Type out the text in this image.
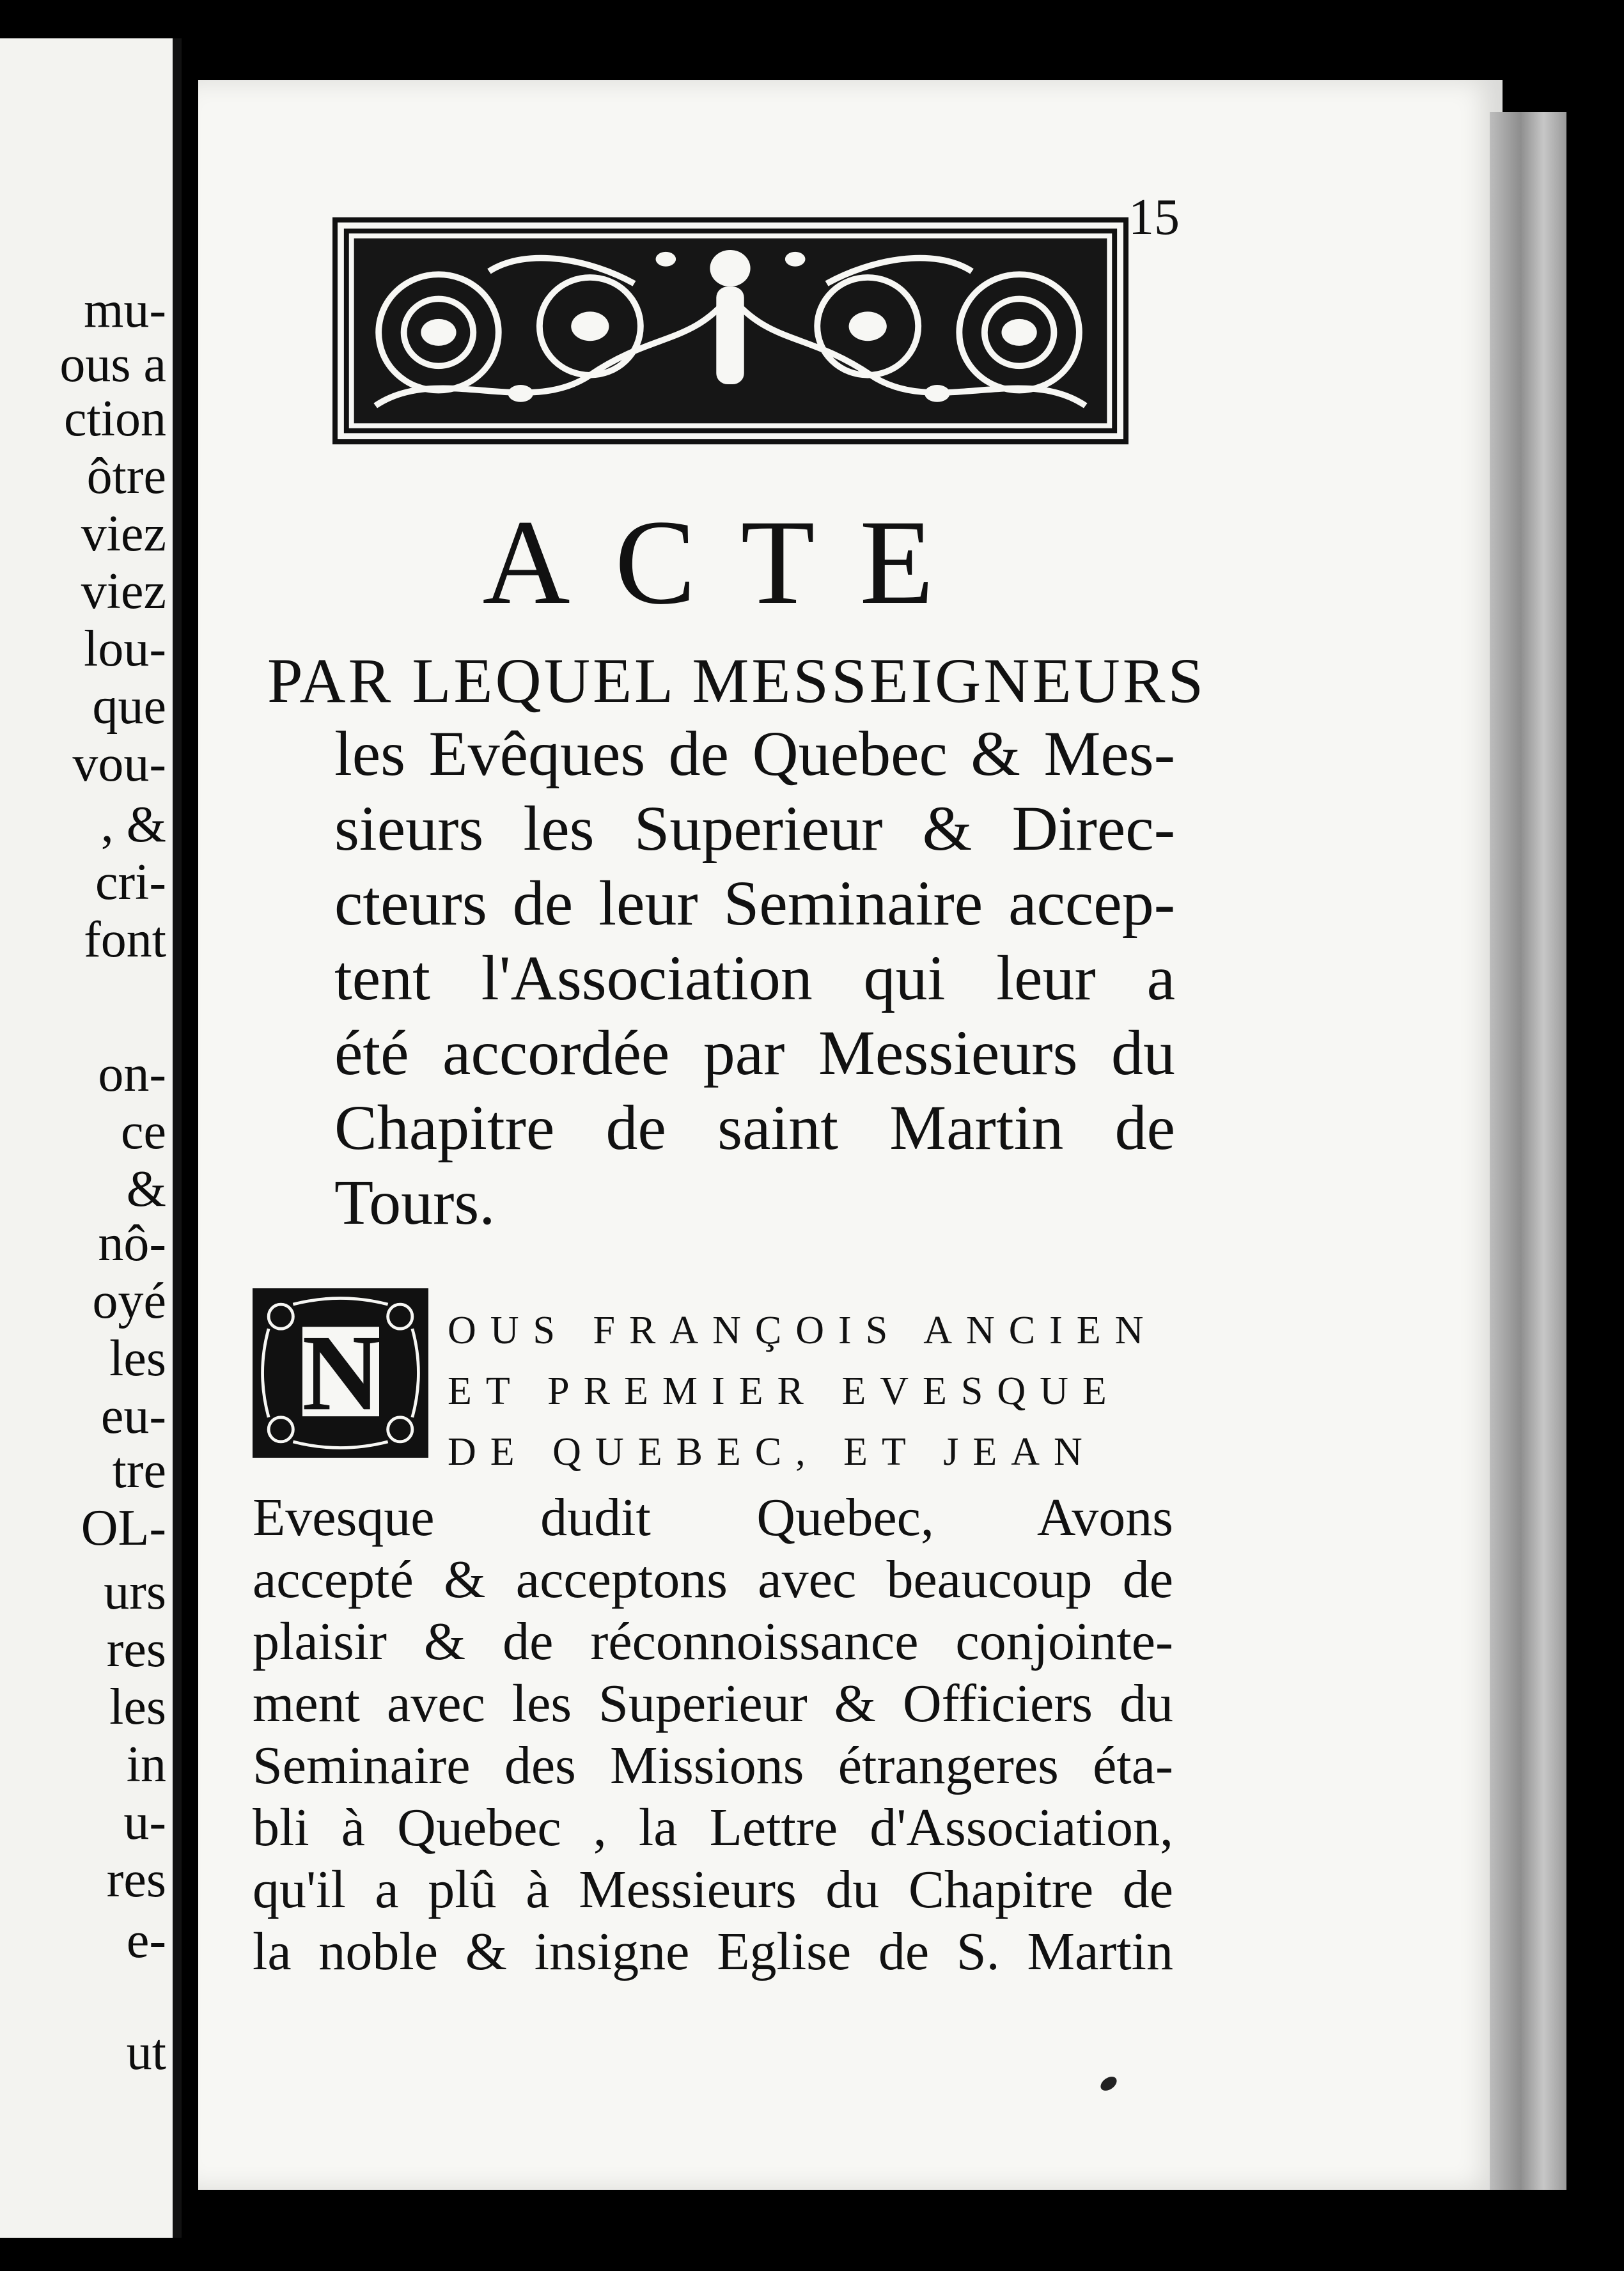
mu-
ous a
ction
ôtre
viez
viez
lou-
que
vou-
, &
cri-
font
on-
ce
&
nô-
oyé
les
eu-
tre
OL-
urs
res
les
in
u-
res
e-
ut
15
ACTE
PAR LEQUEL MESSEIGNEURS
les Evêques de Quebec & Mes-
sieurs les Superieur & Direc-
cteurs de leur Seminaire accep-
tent l'Association qui leur a
été accordée par Messieurs du
Chapitre de saint Martin de
Tours.
N OUS FRANÇOIS ANCIEN
ET PREMIER EVESQUE
DE QUEBEC, ET JEAN
Evesque dudit Quebec, Avons
accepté & acceptons avec beaucoup de
plaisir & de réconnoissance conjointe-
ment avec les Superieur & Officiers du
Seminaire des Missions étrangeres éta-
bli à Quebec , la Lettre d'Association,
qu'il a plû à Messieurs du Chapitre de
la noble & insigne Eglise de S. Martin
